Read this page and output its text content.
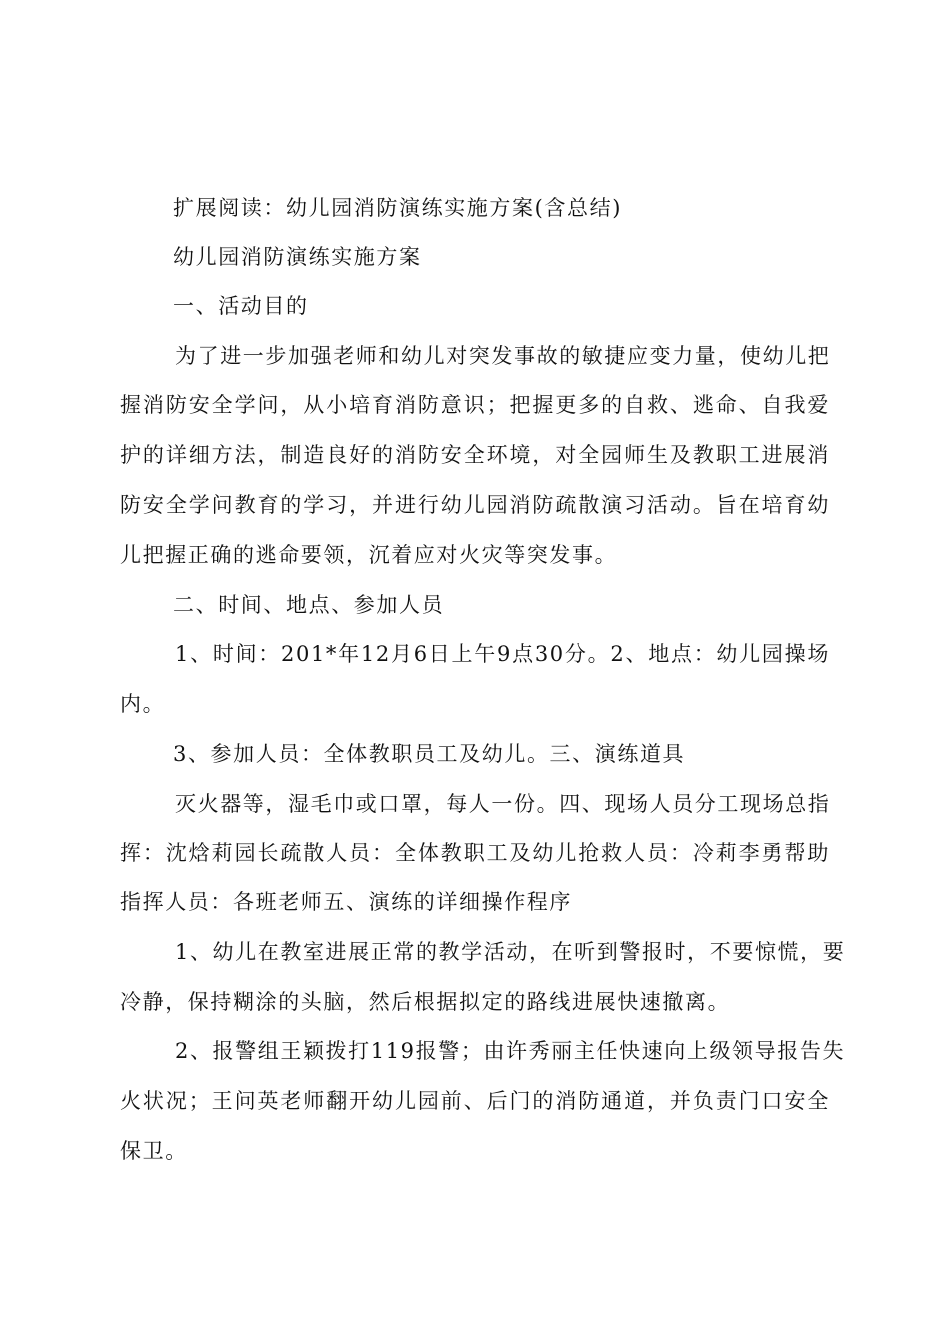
扩展阅读：幼儿园消防演练实施方案(含总结)
幼儿园消防演练实施方案
一、活动目的
为了进一步加强老师和幼儿对突发事故的敏捷应变力量，使幼儿把
握消防安全学问，从小培育消防意识；把握更多的自救、逃命、自我爱
护的详细方法，制造良好的消防安全环境，对全园师生及教职工进展消
防安全学问教育的学习，并进行幼儿园消防疏散演习活动。旨在培育幼
儿把握正确的逃命要领，沉着应对火灾等突发事。
二、时间、地点、参加人员
1、时间：201*年12月6日上午9点30分。2、地点：幼儿园操场
内。
3、参加人员：全体教职员工及幼儿。三、演练道具
灭火器等，湿毛巾或口罩，每人一份。四、现场人员分工现场总指
挥：沈焓莉园长疏散人员：全体教职工及幼儿抢救人员：冷莉李勇帮助
指挥人员：各班老师五、演练的详细操作程序
1、幼儿在教室进展正常的教学活动，在听到警报时，不要惊慌，要
冷静，保持糊涂的头脑，然后根据拟定的路线进展快速撤离。
2、报警组王颖拨打119报警；由许秀丽主任快速向上级领导报告失
火状况；王问英老师翻开幼儿园前、后门的消防通道，并负责门口安全
保卫。
